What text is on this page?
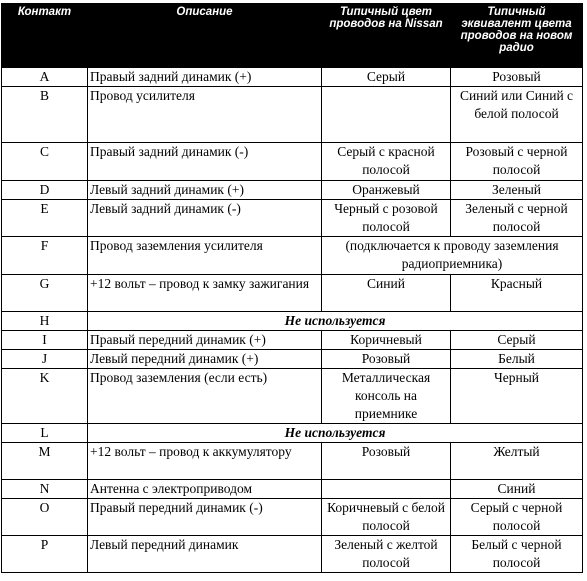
Контакт	Описание	Типичный цвет проводов на Nissan	Типичный эквивалент цвета проводов на новом радио
A	Правый задний динамик (+)	Серый	Розовый
B	Провод усилителя		Синий или Синий с белой полосой
C	Правый задний динамик (-)	Серый с красной полосой	Розовый с черной полосой
D	Левый задний динамик (+)	Оранжевый	Зеленый
E	Левый задний динамик (-)	Черный с розовой полосой	Зеленый с черной полосой
F	Провод заземления усилителя	(подключается к проводу заземления радиоприемника)	
G	+12 вольт – провод к замку зажигания	Синий	Красный
H	Не используется		
I	Правый передний динамик (+)	Коричневый	Серый
J	Левый передний динамик (+)	Розовый	Белый
K	Провод заземления (если есть)	Металлическая консоль на приемнике	Черный
L	Не используется		
M	+12 вольт – провод к аккумулятору	Розовый	Желтый
N	Антенна с электроприводом		Синий
O	Правый передний динамик (-)	Коричневый с белой полосой	Серый с черной полосой
P	Левый передний динамик	Зеленый с желтой полосой	Белый с черной полосой
